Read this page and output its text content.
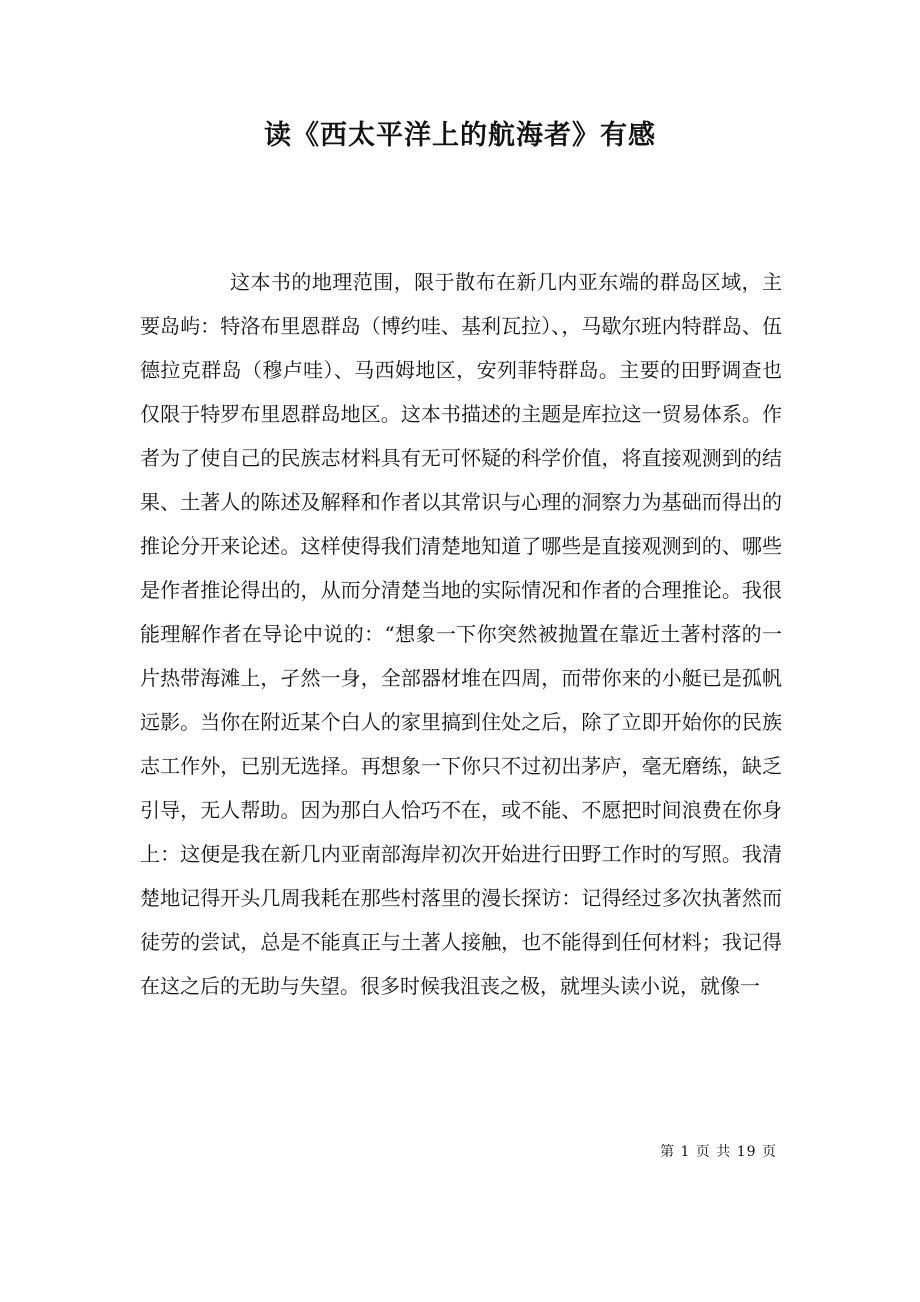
读《西太平洋上的航海者》有感

这本书的地理范围，限于散布在新几内亚东端的群岛区域，主要岛屿：特洛布里恩群岛（博约哇、基利瓦拉）、，马歇尔班内特群岛、伍德拉克群岛（穆卢哇）、马西姆地区，安列菲特群岛。主要的田野调查也仅限于特罗布里恩群岛地区。这本书描述的主题是库拉这一贸易体系。作者为了使自己的民族志材料具有无可怀疑的科学价值，将直接观测到的结果、土著人的陈述及解释和作者以其常识与心理的洞察力为基础而得出的推论分开来论述。这样使得我们清楚地知道了哪些是直接观测到的、哪些是作者推论得出的，从而分清楚当地的实际情况和作者的合理推论。我很能理解作者在导论中说的：“想象一下你突然被抛置在靠近土著村落的一片热带海滩上，孑然一身，全部器材堆在四周，而带你来的小艇已是孤帆远影。当你在附近某个白人的家里搞到住处之后，除了立即开始你的民族志工作外，已别无选择。再想象一下你只不过初出茅庐，毫无磨练，缺乏引导，无人帮助。因为那白人恰巧不在，或不能、不愿把时间浪费在你身上：这便是我在新几内亚南部海岸初次开始进行田野工作时的写照。我清楚地记得开头几周我耗在那些村落里的漫长探访：记得经过多次执著然而徒劳的尝试，总是不能真正与土著人接触，也不能得到任何材料；我记得在这之后的无助与失望。很多时候我沮丧之极，就埋头读小说，就像一

第 1 页 共 19 页
